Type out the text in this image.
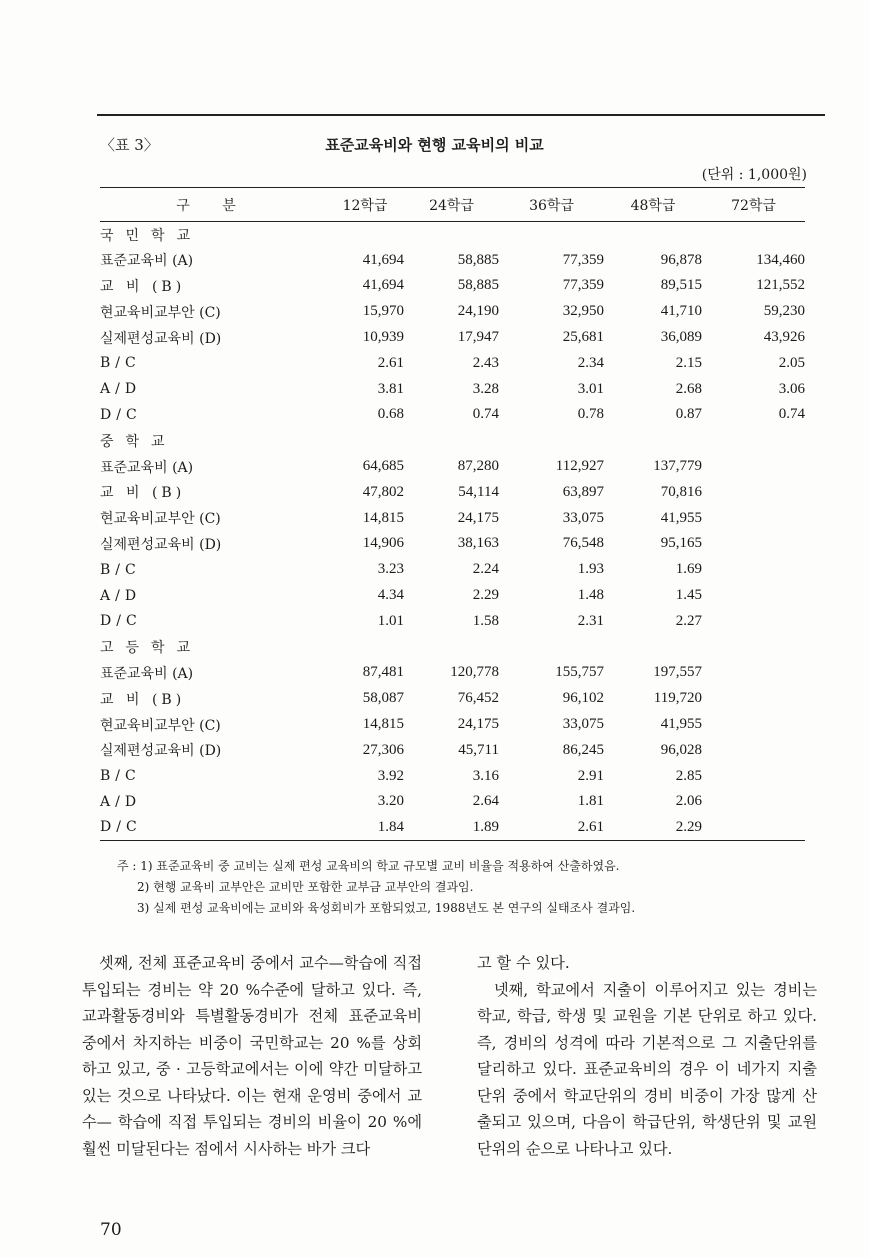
〈표 3〉	표준교육비와 현행 교육비의 비교
(단위 : 1,000원)
구 분	12학급	24학급	36학급	48학급	72학급
국민학교					
표준교육비 (A)	41,694	58,885	77,359	96,878	134,460
교 비 (B)	41,694	58,885	77,359	89,515	121,552
현교육비교부안 (C)	15,970	24,190	32,950	41,710	59,230
실제편성교육비 (D)	10,939	17,947	25,681	36,089	43,926
B/C	2.61	2.43	2.34	2.15	2.05
A/D	3.81	3.28	3.01	2.68	3.06
D/C	0.68	0.74	0.78	0.87	0.74
중학교					
표준교육비 (A)	64,685	87,280	112,927	137,779	
교 비 (B)	47,802	54,114	63,897	70,816	
현교육비교부안 (C)	14,815	24,175	33,075	41,955	
실제편성교육비 (D)	14,906	38,163	76,548	95,165	
B/C	3.23	2.24	1.93	1.69	
A/D	4.34	2.29	1.48	1.45	
D/C	1.01	1.58	2.31	2.27	
고등학교					
표준교육비 (A)	87,481	120,778	155,757	197,557	
교 비 (B)	58,087	76,452	96,102	119,720	
현교육비교부안 (C)	14,815	24,175	33,075	41,955	
실제편성교육비 (D)	27,306	45,711	86,245	96,028	
B/C	3.92	3.16	2.91	2.85	
A/D	3.20	2.64	1.81	2.06	
D/C	1.84	1.89	2.61	2.29	
주 : 1) 표준교육비 중 교비는 실제 편성 교육비의 학교 규모별 교비 비율을 적용하여 산출하였음.
2) 현행 교육비 교부안은 교비만 포함한 교부금 교부안의 결과임.
3) 실제 편성 교육비에는 교비와 육성회비가 포함되었고, 1988년도 본 연구의 실태조사 결과임.

셋째, 전체 표준교육비 중에서 교수—학습에 직접 투입되는 경비는 약 20 %수준에 달하고 있다. 즉, 교과활동경비와 특별활동경비가 전체 표준교육비 중에서 차지하는 비중이 국민학교는 20 %를 상회하고 있고, 중 · 고등학교에서는 이에 약간 미달하고 있는 것으로 나타났다. 이는 현재 운영비 중에서 교수— 학습에 직접 투입되는 경비의 비율이 20 %에 훨씬 미달된다는 점에서 시사하는 바가 크다

고 할 수 있다.

넷째, 학교에서 지출이 이루어지고 있는 경비는 학교, 학급, 학생 및 교원을 기본 단위로 하고 있다. 즉, 경비의 성격에 따라 기본적으로 그 지출단위를 달리하고 있다. 표준교육비의 경우 이 네가지 지출단위 중에서 학교단위의 경비 비중이 가장 많게 산출되고 있으며, 다음이 학급단위, 학생단위 및 교원단위의 순으로 나타나고 있다.

70
